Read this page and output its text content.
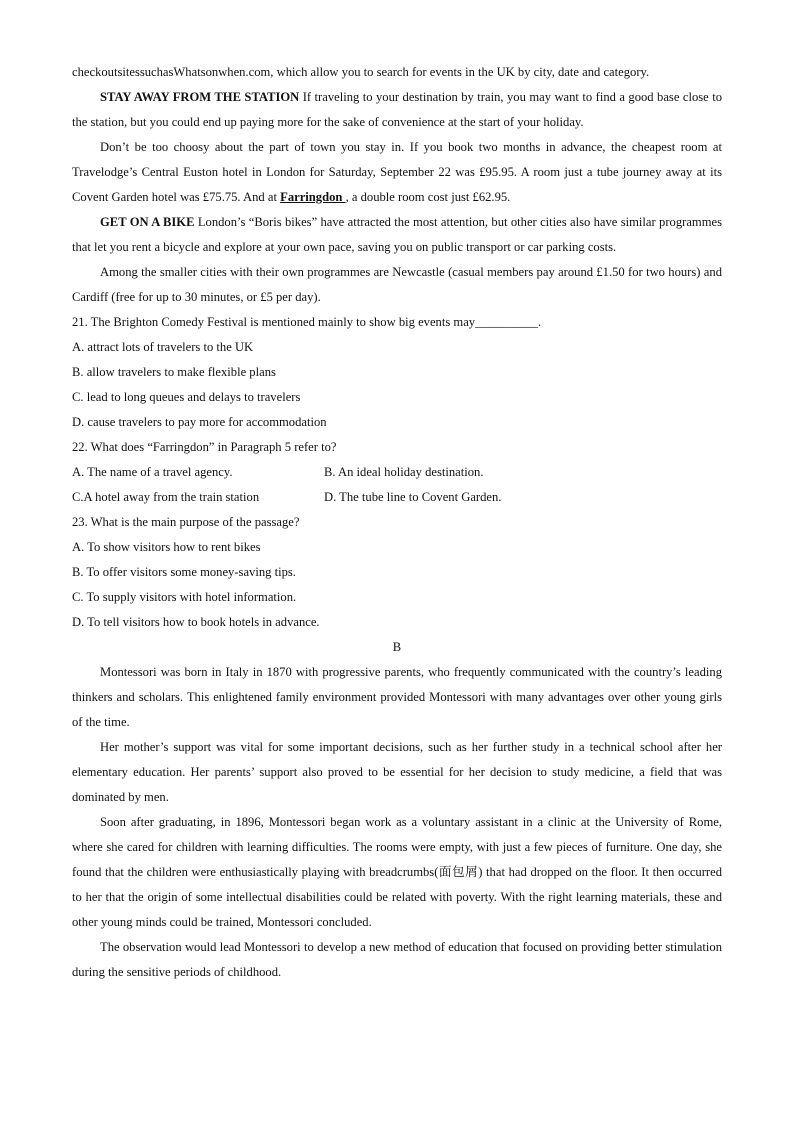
checkoutsitessuchasWhatsonwhen.com, which allow you to search for events in the UK by city, date and category.

STAY AWAY FROM THE STATION If traveling to your destination by train, you may want to find a good base close to the station, but you could end up paying more for the sake of convenience at the start of your holiday.

Don’t be too choosy about the part of town you stay in. If you book two months in advance, the cheapest room at Travelodge’s Central Euston hotel in London for Saturday, September 22 was £95.95. A room just a tube journey away at its Covent Garden hotel was £75.75. And at Farringdon , a double room cost just £62.95.

GET ON A BIKE London’s “Boris bikes” have attracted the most attention, but other cities also have similar programmes that let you rent a bicycle and explore at your own pace, saving you on public transport or car parking costs.

Among the smaller cities with their own programmes are Newcastle (casual members pay around £1.50 for two hours) and Cardiff (free for up to 30 minutes, or £5 per day).

21. The Brighton Comedy Festival is mentioned mainly to show big events may__________.

A. attract lots of travelers to the UK

B. allow travelers to make flexible plans

C. lead to long queues and delays to travelers

D. cause travelers to pay more for accommodation

22. What does “Farringdon” in Paragraph 5 refer to?

A. The name of a travel agency.	B. An ideal holiday destination.
C.A hotel away from the train station	D. The tube line to Covent Garden.

23. What is the main purpose of the passage?

A. To show visitors how to rent bikes

B. To offer visitors some money-saving tips.

C. To supply visitors with hotel information.

D. To tell visitors how to book hotels in advance.

B

Montessori was born in Italy in 1870 with progressive parents, who frequently communicated with the country’s leading thinkers and scholars. This enlightened family environment provided Montessori with many advantages over other young girls of the time.

Her mother’s support was vital for some important decisions, such as her further study in a technical school after her elementary education. Her parents’ support also proved to be essential for her decision to study medicine, a field that was dominated by men.

Soon after graduating, in 1896, Montessori began work as a voluntary assistant in a clinic at the University of Rome, where she cared for children with learning difficulties. The rooms were empty, with just a few pieces of furniture. One day, she found that the children were enthusiastically playing with breadcrumbs(面包屑) that had dropped on the floor. It then occurred to her that the origin of some intellectual disabilities could be related with poverty. With the right learning materials, these and other young minds could be trained, Montessori concluded.

The observation would lead Montessori to develop a new method of education that focused on providing better stimulation during the sensitive periods of childhood.
